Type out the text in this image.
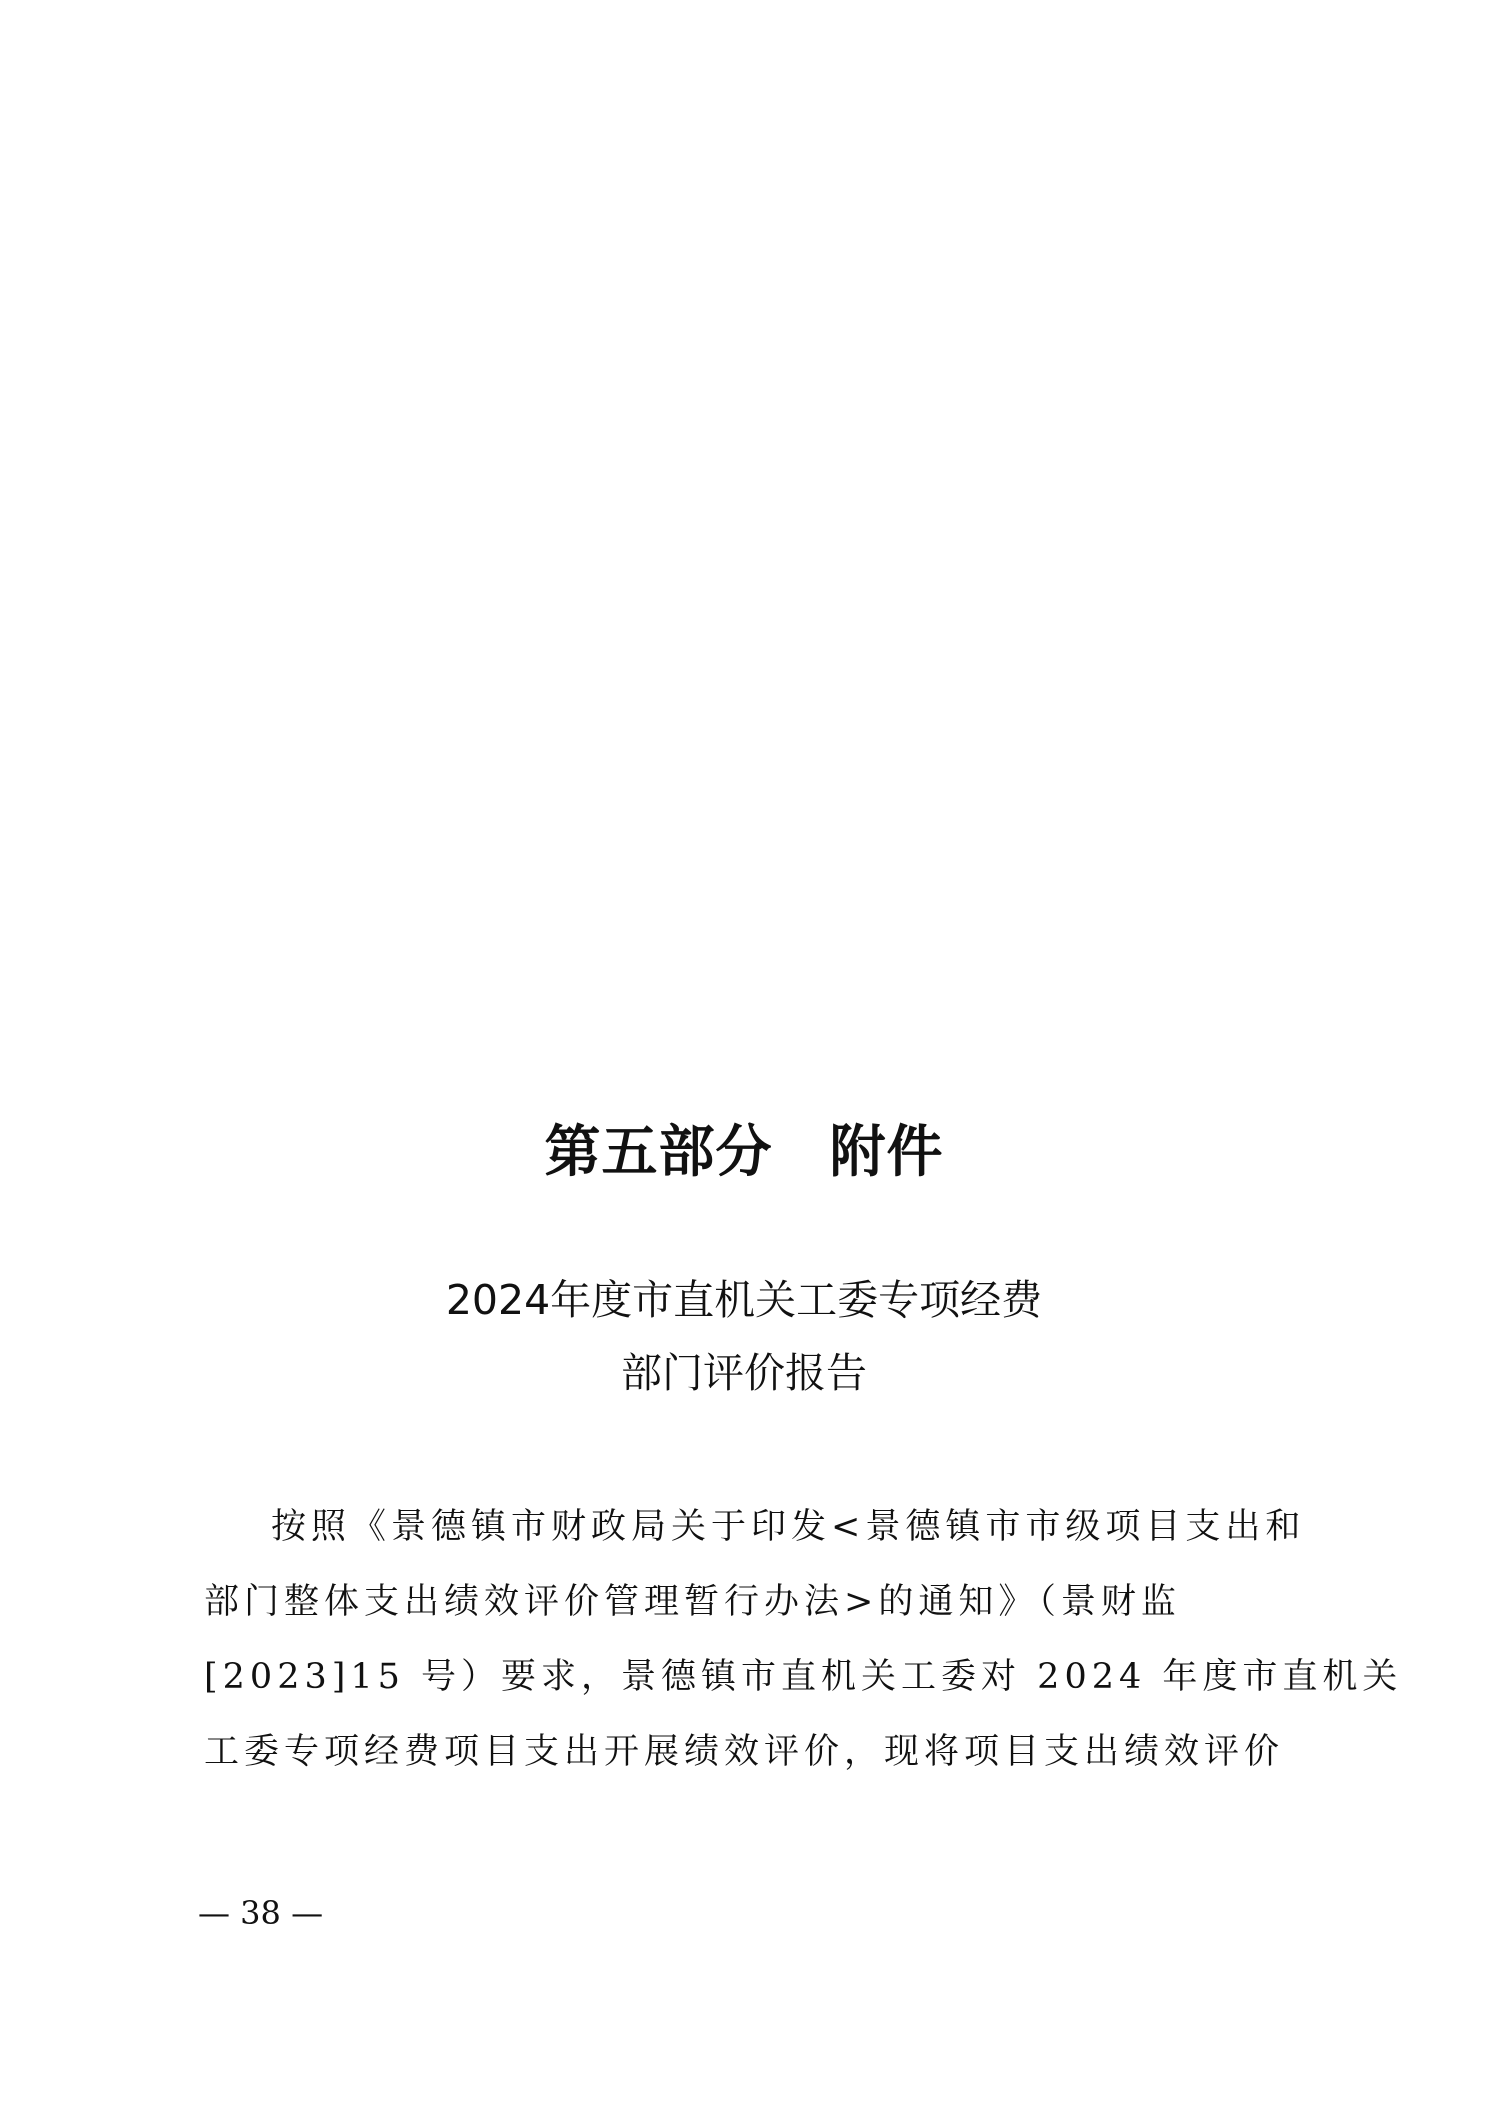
第五部分　附件
2024年度市直机关工委专项经费
部门评价报告
按照《景德镇市财政局关于印发<景德镇市市级项目支出和
部门整体支出绩效评价管理暂行办法>的通知》（景财监
[2023]15 号）要求，景德镇市直机关工委对 2024 年度市直机关
工委专项经费项目支出开展绩效评价，现将项目支出绩效评价
— 38 —
